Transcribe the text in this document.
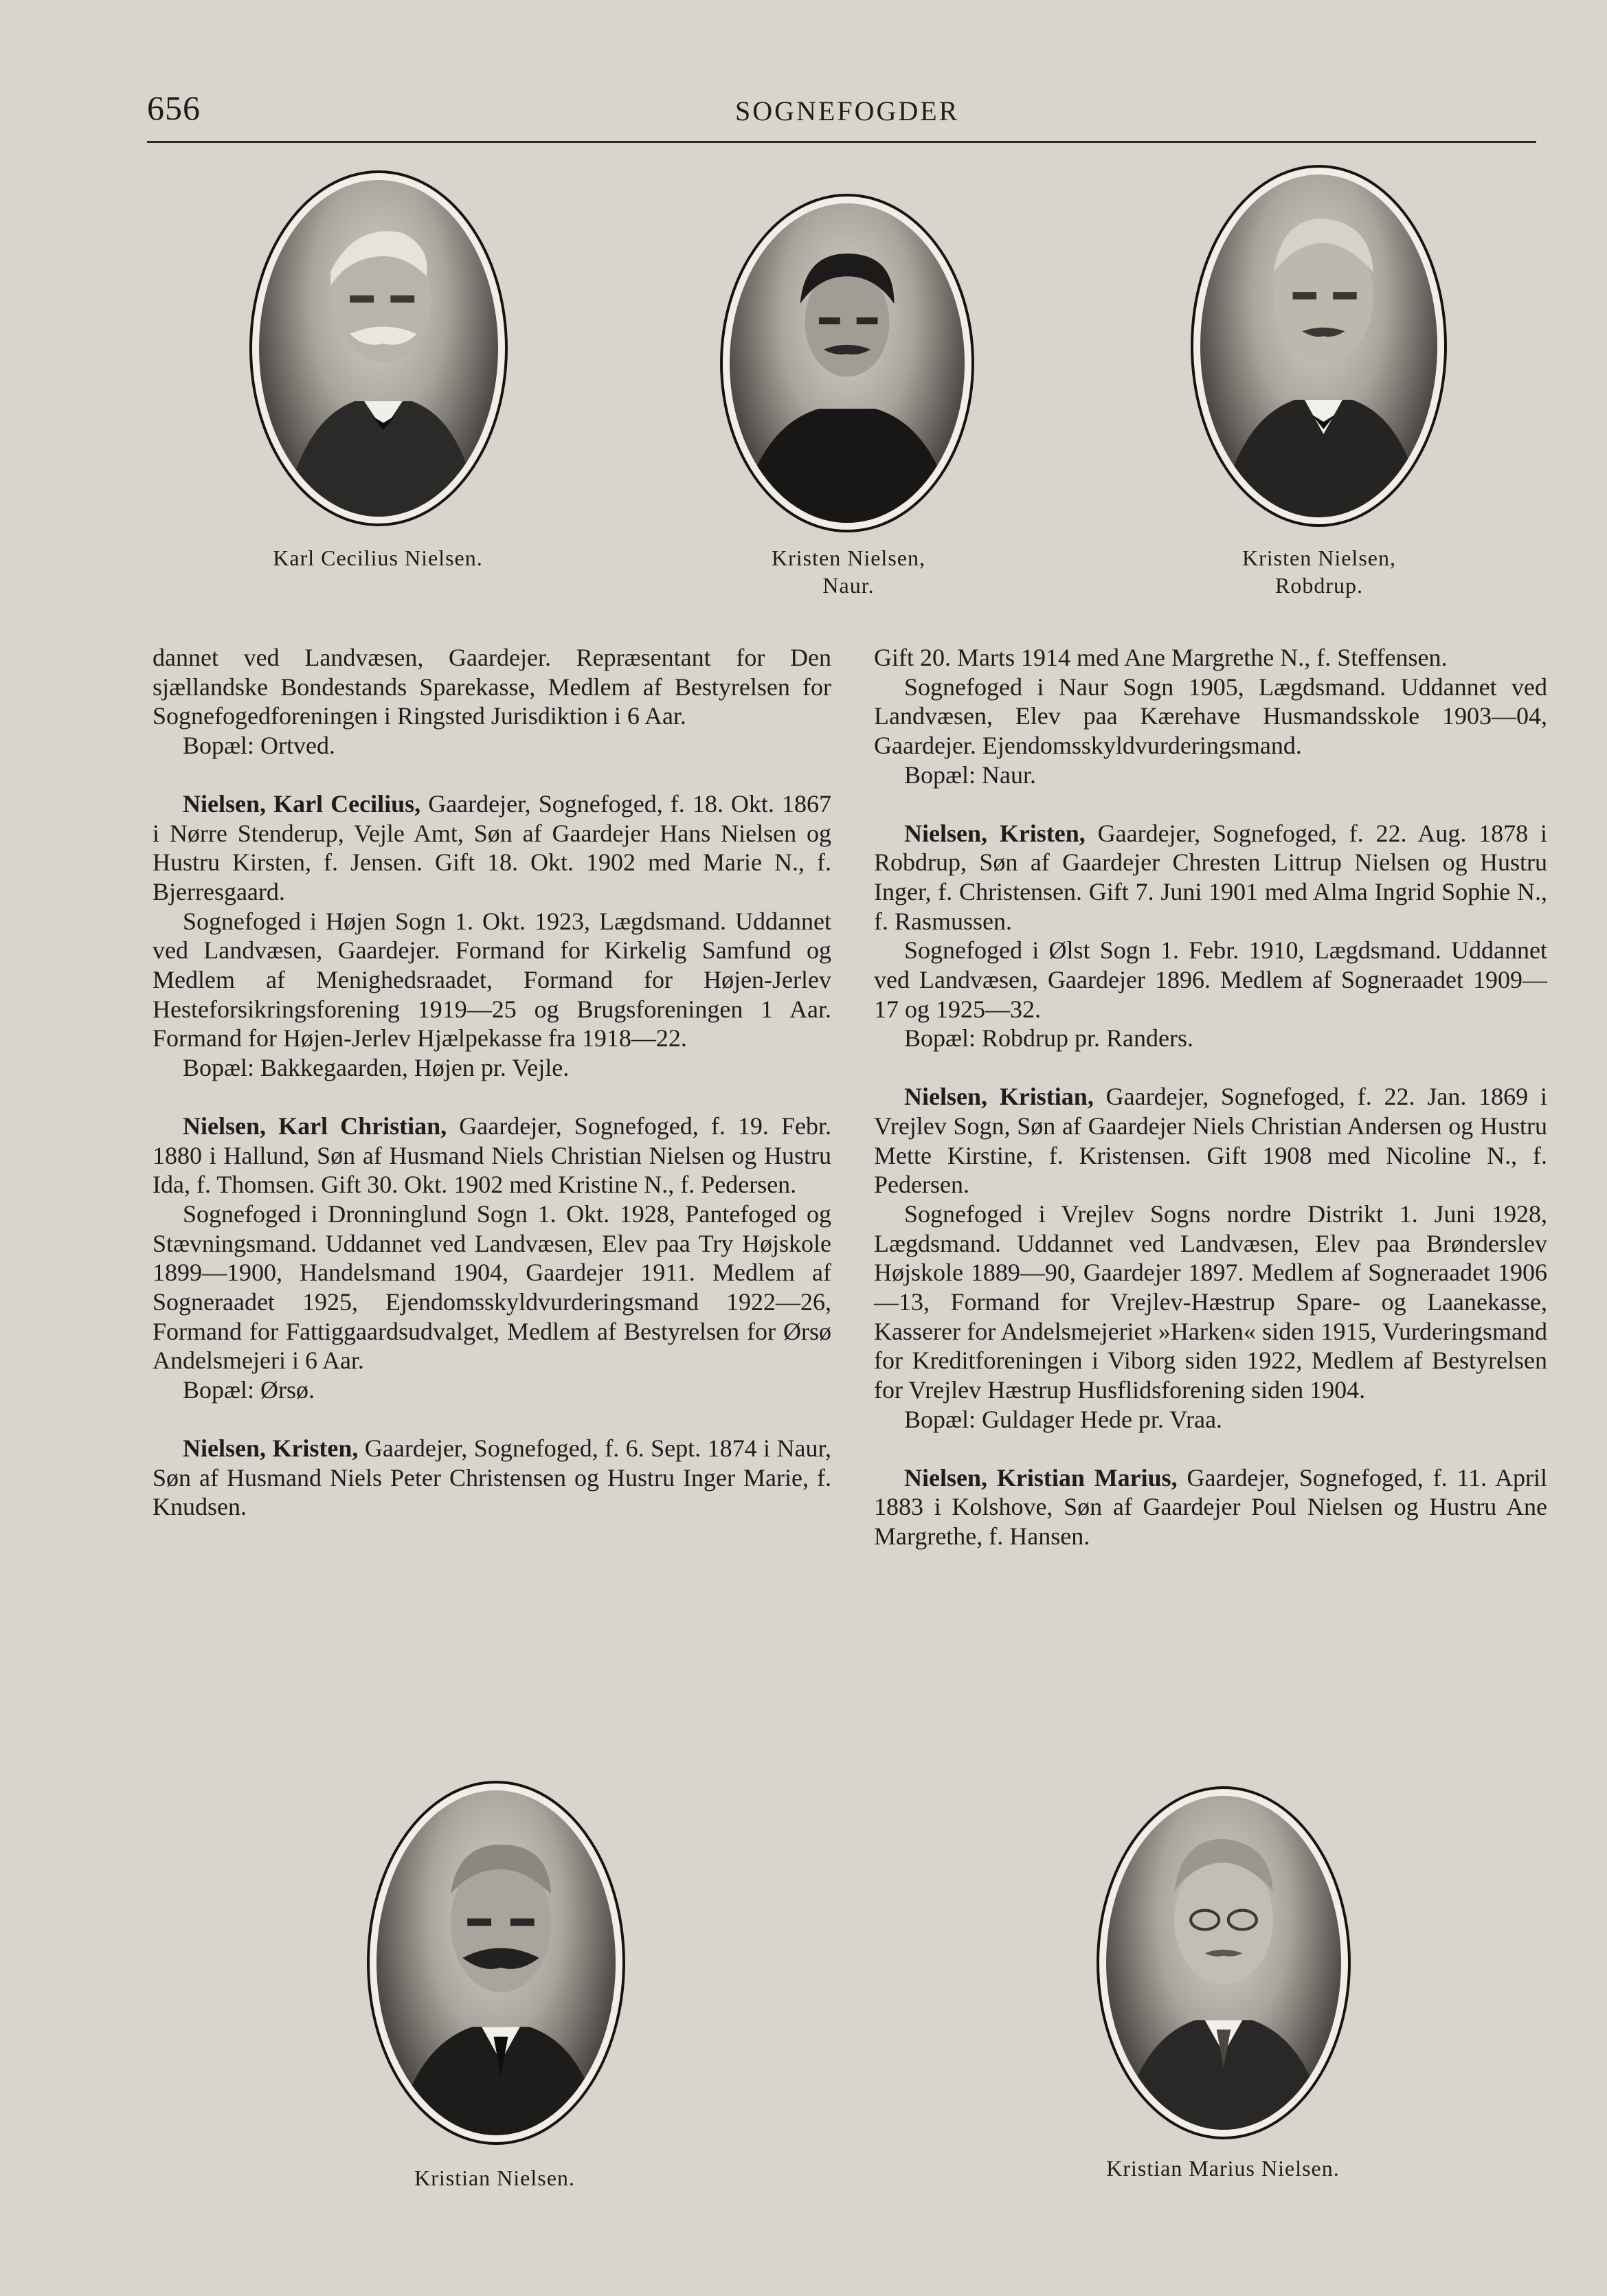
656	SOGNEFOGDER
Karl Cecilius Nielsen.	Kristen Nielsen,
Naur.
Kristen Nielsen,
Robdrup.

dannet ved Landvæsen, Gaardejer. Repræsentant for Den sjællandske Bondestands Sparekasse, Medlem af Bestyrelsen for Sognefogedforeningen i Ringsted Jurisdiktion i 6 Aar.

Bopæl: Ortved.

Nielsen, Karl Cecilius, Gaardejer, Sognefoged, f. 18. Okt. 1867 i Nørre Stenderup, Vejle Amt, Søn af Gaardejer Hans Nielsen og Hustru Kirsten, f. Jensen. Gift 18. Okt. 1902 med Marie N., f. Bjerresgaard.

Sognefoged i Højen Sogn 1. Okt. 1923, Lægdsmand. Uddannet ved Landvæsen, Gaardejer. Formand for Kirkelig Samfund og Medlem af Menighedsraadet, Formand for Højen-Jerlev Hesteforsikringsforening 1919—25 og Brugsforeningen 1 Aar. Formand for Højen-Jerlev Hjælpekasse fra 1918—22.

Bopæl: Bakkegaarden, Højen pr. Vejle.

Nielsen, Karl Christian, Gaardejer, Sognefoged, f. 19. Febr. 1880 i Hallund, Søn af Husmand Niels Christian Nielsen og Hustru Ida, f. Thomsen. Gift 30. Okt. 1902 med Kristine N., f. Pedersen.

Sognefoged i Dronninglund Sogn 1. Okt. 1928, Pantefoged og Stævningsmand. Uddannet ved Landvæsen, Elev paa Try Højskole 1899—1900, Handelsmand 1904, Gaardejer 1911. Medlem af Sogneraadet 1925, Ejendomsskyldvurderingsmand 1922—26, Formand for Fattiggaardsudvalget, Medlem af Bestyrelsen for Ørsø Andelsmejeri i 6 Aar.

Bopæl: Ørsø.

Nielsen, Kristen, Gaardejer, Sognefoged, f. 6. Sept. 1874 i Naur, Søn af Husmand Niels Peter Christensen og Hustru Inger Marie, f. Knudsen.

Gift 20. Marts 1914 med Ane Margrethe N., f. Steffensen.

Sognefoged i Naur Sogn 1905, Lægdsmand. Uddannet ved Landvæsen, Elev paa Kærehave Husmandsskole 1903—04, Gaardejer. Ejendomsskyldvurderingsmand.

Bopæl: Naur.

Nielsen, Kristen, Gaardejer, Sognefoged, f. 22. Aug. 1878 i Robdrup, Søn af Gaardejer Chresten Littrup Nielsen og Hustru Inger, f. Christensen. Gift 7. Juni 1901 med Alma Ingrid Sophie N., f. Rasmussen.

Sognefoged i Ølst Sogn 1. Febr. 1910, Lægdsmand. Uddannet ved Landvæsen, Gaardejer 1896. Medlem af Sogneraadet 1909—17 og 1925—32.

Bopæl: Robdrup pr. Randers.

Nielsen, Kristian, Gaardejer, Sognefoged, f. 22. Jan. 1869 i Vrejlev Sogn, Søn af Gaardejer Niels Christian Andersen og Hustru Mette Kirstine, f. Kristensen. Gift 1908 med Nicoline N., f. Pedersen.

Sognefoged i Vrejlev Sogns nordre Distrikt 1. Juni 1928, Lægdsmand. Uddannet ved Landvæsen, Elev paa Brønderslev Højskole 1889—90, Gaardejer 1897. Medlem af Sogneraadet 1906—13, Formand for Vrejlev-Hæstrup Spare- og Laanekasse, Kasserer for Andelsmejeriet »Harken« siden 1915, Vurderingsmand for Kreditforeningen i Viborg siden 1922, Medlem af Bestyrelsen for Vrejlev Hæstrup Husflidsforening siden 1904.

Bopæl: Guldager Hede pr. Vraa.

Nielsen, Kristian Marius, Gaardejer, Sognefoged, f. 11. April 1883 i Kolshove, Søn af Gaardejer Poul Nielsen og Hustru Ane Margrethe, f. Hansen.

Kristian Nielsen.	Kristian Marius Nielsen.
